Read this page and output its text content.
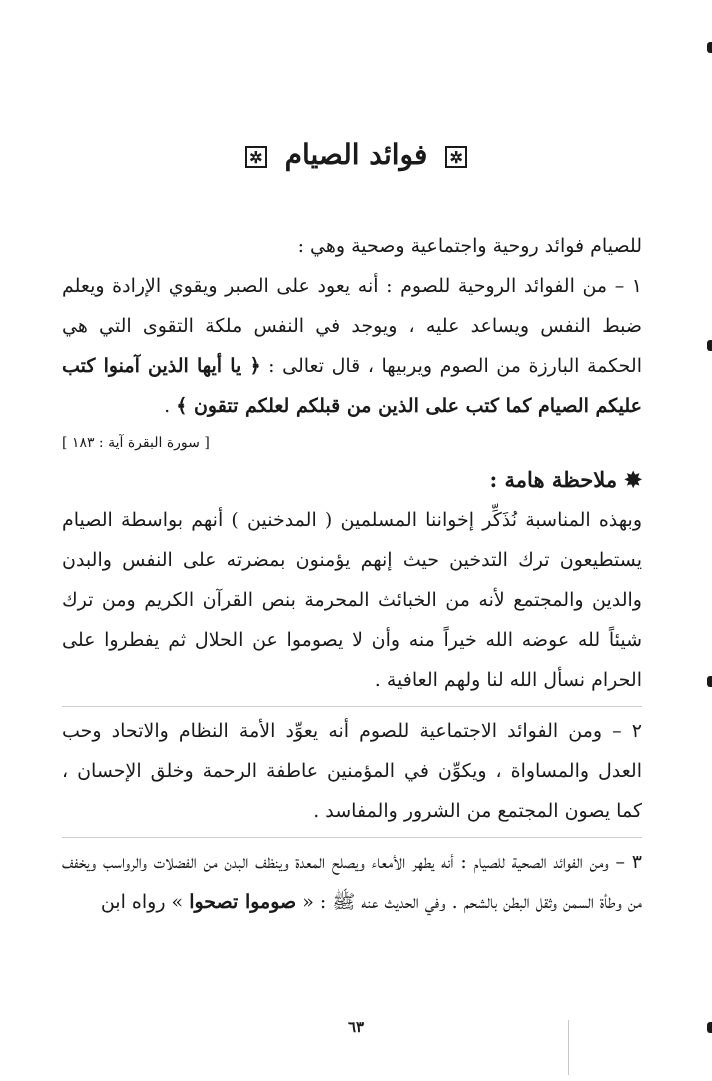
✲ فوائد الصيام ✲

للصيام فوائد روحية واجتماعية وصحية وهي :

١ – من الفوائد الروحية للصوم : أنه يعود على الصبر ويقوي الإرادة ويعلم ضبط النفس ويساعد عليه ، ويوجد في النفس ملكة التقوى التي هي الحكمة البارزة من الصوم ويربيها ، قال تعالى : ﴿ يا أيها الذين آمنوا كتب عليكم الصيام كما كتب على الذين من قبلكم لعلكم تتقون ﴾ .

[ سورة البقرة آية : ١٨٣ ]

✸ ملاحظة هامة :

وبهذه المناسبة نُذَكِّر إخواننا المسلمين ( المدخنين ) أنهم بواسطة الصيام يستطيعون ترك التدخين حيث إنهم يؤمنون بمضرته على النفس والبدن والدين والمجتمع لأنه من الخبائث المحرمة بنص القرآن الكريم ومن ترك شيئاً لله عوضه الله خيراً منه وأن لا يصوموا عن الحلال ثم يفطروا على الحرام نسأل الله لنا ولهم العافية .

٢ – ومن الفوائد الاجتماعية للصوم أنه يعوِّد الأمة النظام والاتحاد وحب العدل والمساواة ، ويكوِّن في المؤمنين عاطفة الرحمة وخلق الإحسان ، كما يصون المجتمع من الشرور والمفاسد .

٣ – ومن الفوائد الصحية للصيام : أنه يطهر الأمعاء ويصلح المعدة وينظف البدن من الفضلات والرواسب ويخفف من وطأة السمن وثقل البطن بالشحم . وفي الحديث عنه ﷺ : « صوموا تصحوا » رواه ابن

٦٣
